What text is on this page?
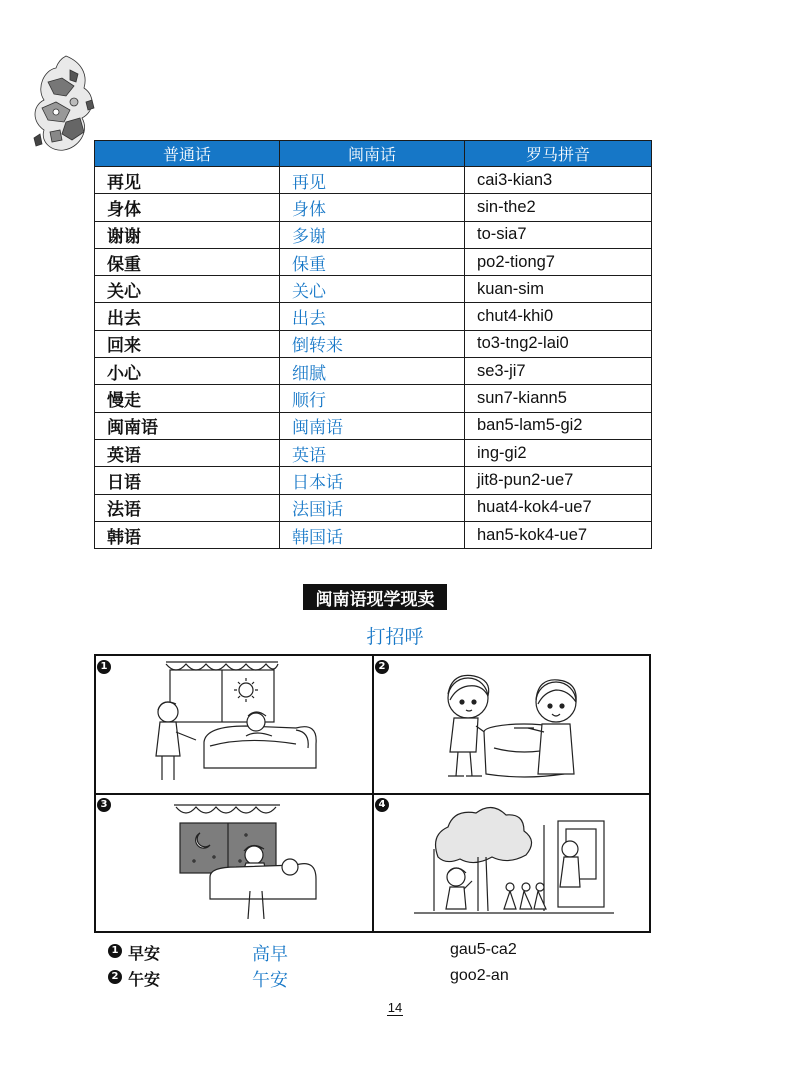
普通话	闽南话	罗马拼音
再见	再见	cai3-kian3
身体	身体	sin-the2
谢谢	多谢	to-sia7
保重	保重	po2-tiong7
关心	关心	kuan-sim
出去	出去	chut4-khi0
回来	倒转来	to3-tng2-lai0
小心	细腻	se3-ji7
慢走	顺行	sun7-kiann5
闽南语	闽南语	ban5-lam5-gi2
英语	英语	ing-gi2
日语	日本话	jit8-pun2-ue7
法语	法国话	huat4-kok4-ue7
韩语	韩国话	han5-kok4-ue7
闽南语现学现卖
打招呼
1	2
3	4
1 早安	高早	gau5-ca2
2 午安	午安	goo2-an
14
